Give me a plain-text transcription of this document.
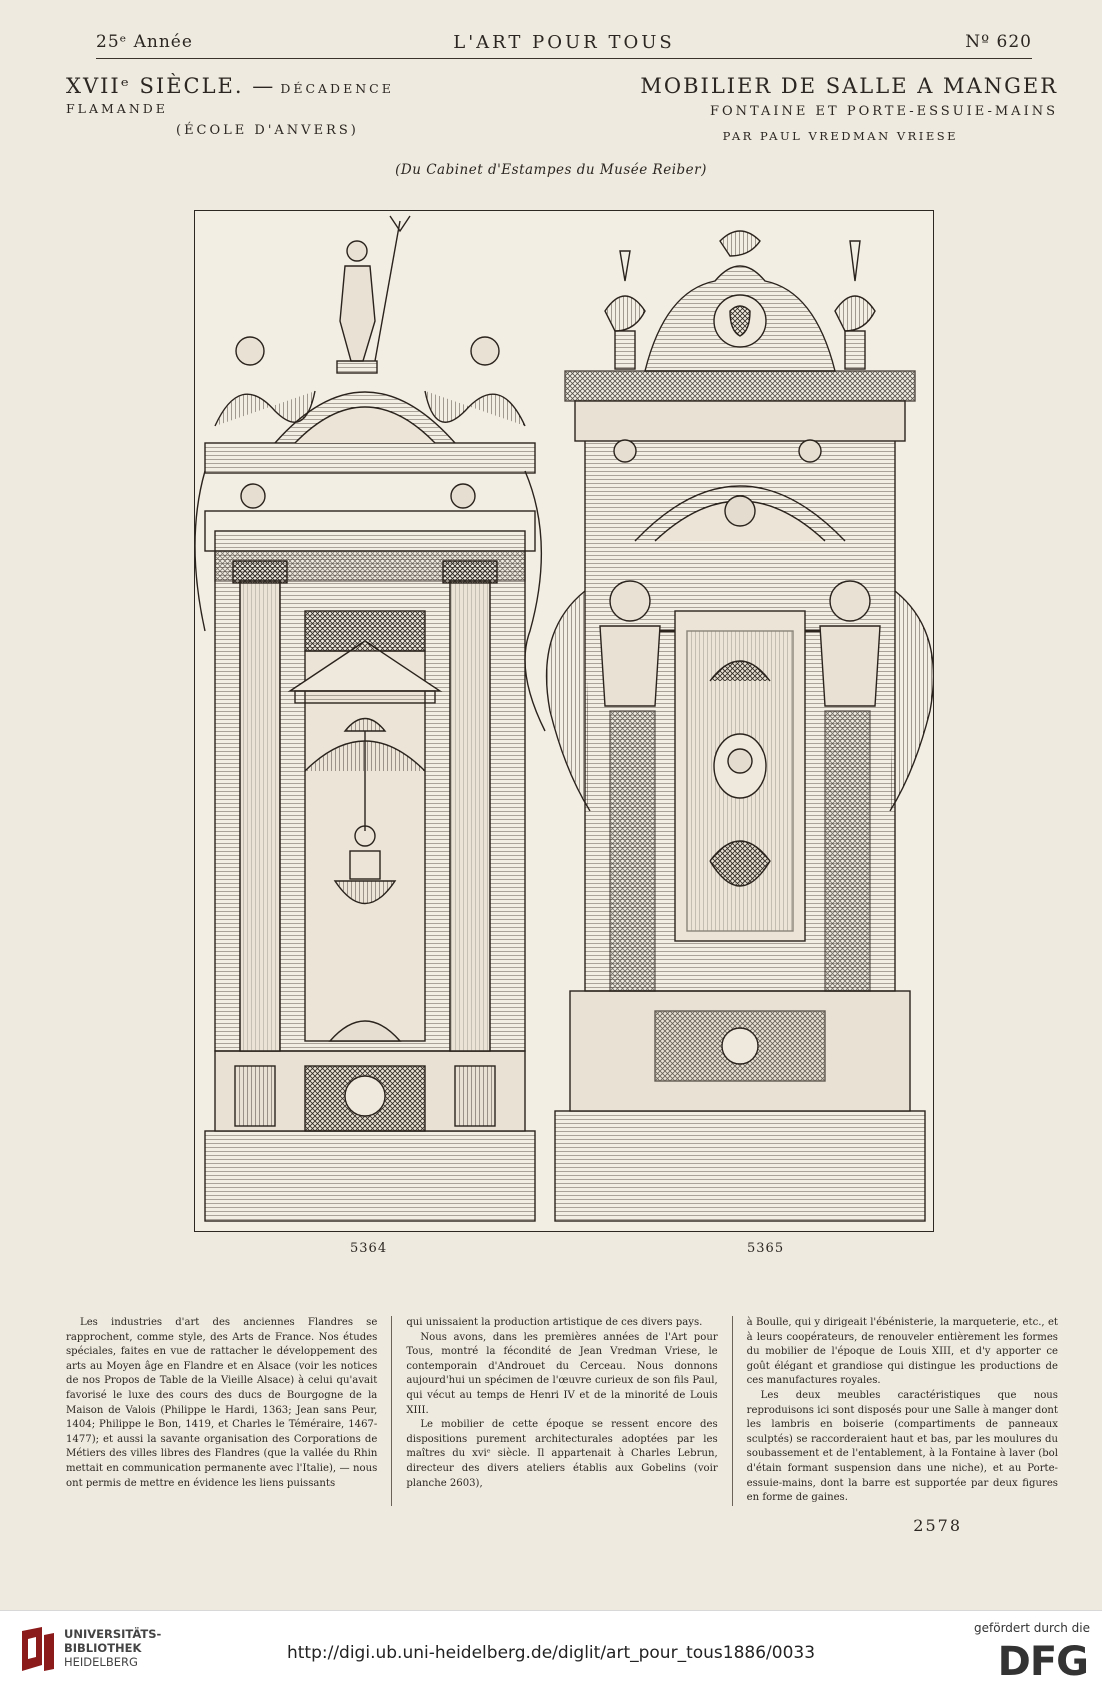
25ᵉ Année	L'ART POUR TOUS	Nº 620
XVIIᵉ SIÈCLE. — DÉCADENCE FLAMANDE
(ÉCOLE D'ANVERS)
MOBILIER DE SALLE A MANGER
FONTAINE ET PORTE-ESSUIE-MAINS
PAR PAUL VREDMAN VRIESE
(Du Cabinet d'Estampes du Musée Reiber)
5364	5365

Les industries d'art des anciennes Flandres se rapprochent, comme style, des Arts de France. Nos études spéciales, faites en vue de rattacher le développement des arts au Moyen âge en Flandre et en Alsace (voir les notices de nos Propos de Table de la Vieille Alsace) à celui qu'avait favorisé le luxe des cours des ducs de Bourgogne de la Maison de Valois (Philippe le Hardi, 1363; Jean sans Peur, 1404; Philippe le Bon, 1419, et Charles le Téméraire, 1467-1477); et aussi la savante organisation des Corporations de Métiers des villes libres des Flandres (que la vallée du Rhin mettait en communication permanente avec l'Italie), — nous ont permis de mettre en évidence les liens puissants

qui unissaient la production artistique de ces divers pays.

Nous avons, dans les premières années de l'Art pour Tous, montré la fécondité de Jean Vredman Vriese, le contemporain d'Androuet du Cerceau. Nous donnons aujourd'hui un spécimen de l'œuvre curieux de son fils Paul, qui vécut au temps de Henri IV et de la minorité de Louis XIII.

Le mobilier de cette époque se ressent encore des dispositions purement architecturales adoptées par les maîtres du xviᵉ siècle. Il appartenait à Charles Lebrun, directeur des divers ateliers établis aux Gobelins (voir planche 2603),

à Boulle, qui y dirigeait l'ébénisterie, la marqueterie, etc., et à leurs coopérateurs, de renouveler entièrement les formes du mobilier de l'époque de Louis XIII, et d'y apporter ce goût élégant et grandiose qui distingue les productions de ces manufactures royales.

Les deux meubles caractéristiques que nous reproduisons ici sont disposés pour une Salle à manger dont les lambris en boiserie (compartiments de panneaux sculptés) se raccorderaient haut et bas, par les moulures du soubassement et de l'entablement, à la Fontaine à laver (bol d'étain formant suspension dans une niche), et au Porte-essuie-mains, dont la barre est supportée par deux figures en forme de gaines.

2578
UNIVERSITÄTS-
BIBLIOTHEK
HEIDELBERG	http://digi.ub.uni-heidelberg.de/diglit/art_pour_tous1886/0033
gefördert durch die
DFG
